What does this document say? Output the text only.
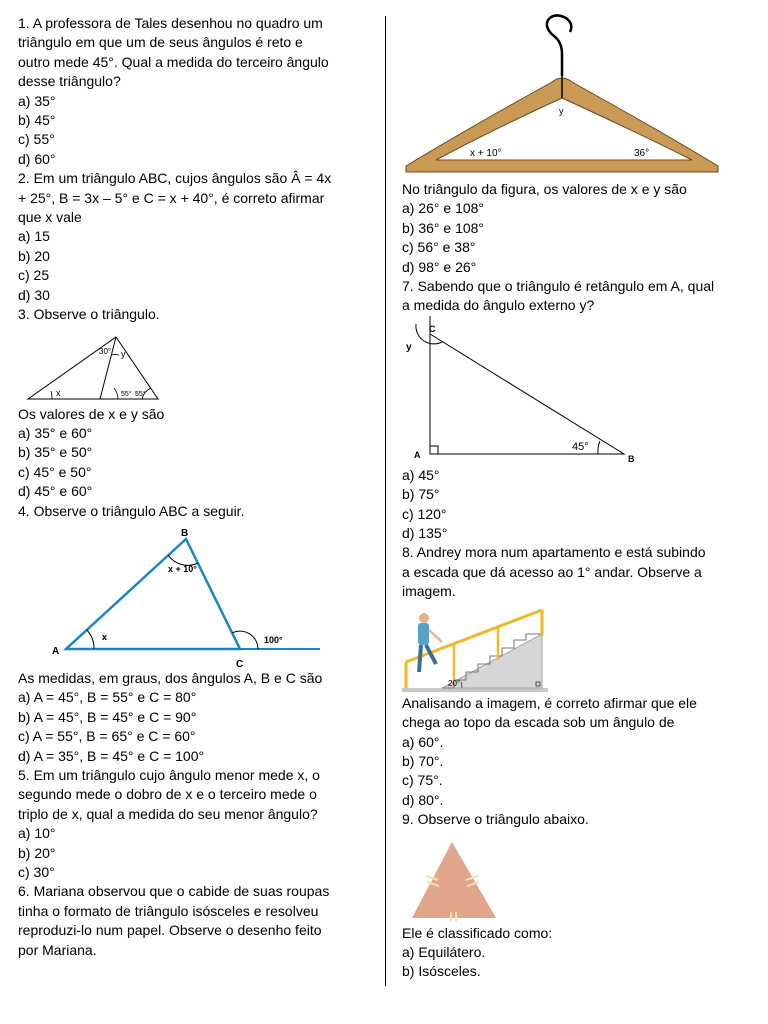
1. A professora de Tales desenhou no quadro um
triângulo em que um de seus ângulos é reto e
outro mede 45°. Qual a medida do terceiro ângulo
desse triângulo?
a) 35°
b) 45°
c) 55°
d) 60°
2. Em um triângulo ABC, cujos ângulos são Â = 4x
+ 25°, B = 3x – 5° e C = x + 40°, é correto afirmar
que x vale
a) 15
b) 20
c) 25
d) 30
3. Observe o triângulo.
30° y
x	55° 55°
Os valores de x e y são
a) 35° e 60°
b) 35° e 50°
c) 45° e 50°
d) 45° e 60°
4. Observe o triângulo ABC a seguir.
B
A
C
x + 10°
x	100°
As medidas, em graus, dos ângulos A, B e C são
a) A = 45°, B = 55° e C = 80°
b) A = 45°, B = 45° e C = 90°
c) A = 55°, B = 65° e C = 60°
d) A = 35°, B = 45° e C = 100°
5. Em um triângulo cujo ângulo menor mede x, o
segundo mede o dobro de x e o terceiro mede o
triplo de x, qual a medida do seu menor ângulo?
a) 10°
b) 20°
c) 30°
6. Mariana observou que o cabide de suas roupas
tinha o formato de triângulo isósceles e resolveu
reproduzi-lo num papel. Observe o desenho feito
por Mariana.
y
x + 10°	36°
No triângulo da figura, os valores de x e y são
a) 26° e 108°
b) 36° e 108°
c) 56° e 38°
d) 98° e 26°
7. Sabendo que o triângulo é retângulo em A, qual
a medida do ângulo externo y?
C
y
A	B
45°
a) 45°
b) 75°
c) 120°
d) 135°
8. Andrey mora num apartamento e está subindo
a escada que dá acesso ao 1° andar. Observe a
imagem.
20°
Analisando a imagem, é correto afirmar que ele
chega ao topo da escada sob um ângulo de
a) 60°.
b) 70°.
c) 75°.
d) 80°.
9. Observe o triângulo abaixo.
Ele é classificado como:
a) Equilátero.
b) Isósceles.
